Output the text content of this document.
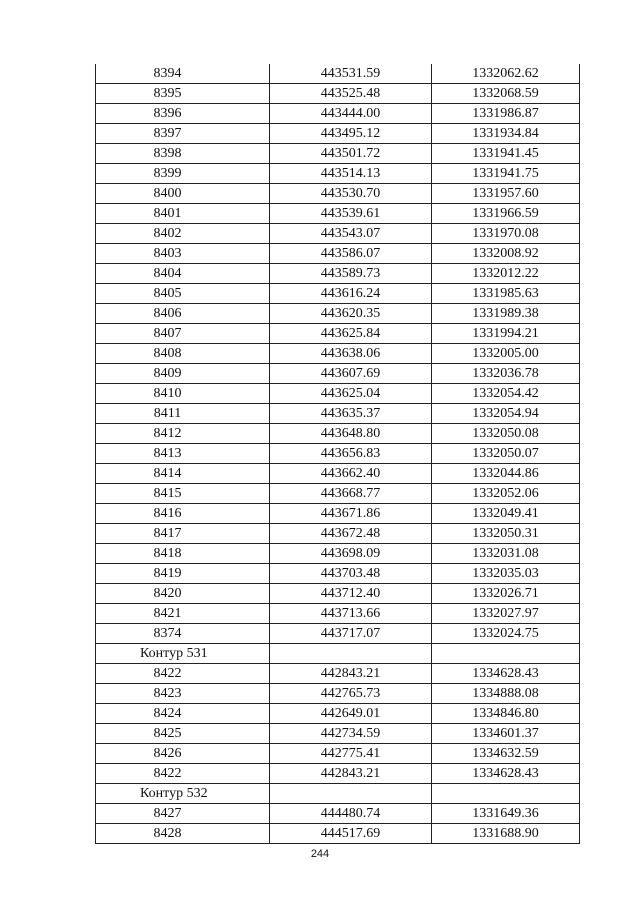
8394	443531.59	1332062.62
8395	443525.48	1332068.59
8396	443444.00	1331986.87
8397	443495.12	1331934.84
8398	443501.72	1331941.45
8399	443514.13	1331941.75
8400	443530.70	1331957.60
8401	443539.61	1331966.59
8402	443543.07	1331970.08
8403	443586.07	1332008.92
8404	443589.73	1332012.22
8405	443616.24	1331985.63
8406	443620.35	1331989.38
8407	443625.84	1331994.21
8408	443638.06	1332005.00
8409	443607.69	1332036.78
8410	443625.04	1332054.42
8411	443635.37	1332054.94
8412	443648.80	1332050.08
8413	443656.83	1332050.07
8414	443662.40	1332044.86
8415	443668.77	1332052.06
8416	443671.86	1332049.41
8417	443672.48	1332050.31
8418	443698.09	1332031.08
8419	443703.48	1332035.03
8420	443712.40	1332026.71
8421	443713.66	1332027.97
8374	443717.07	1332024.75
Контур 531		
8422	442843.21	1334628.43
8423	442765.73	1334888.08
8424	442649.01	1334846.80
8425	442734.59	1334601.37
8426	442775.41	1334632.59
8422	442843.21	1334628.43
Контур 532		
8427	444480.74	1331649.36
8428	444517.69	1331688.90
244
